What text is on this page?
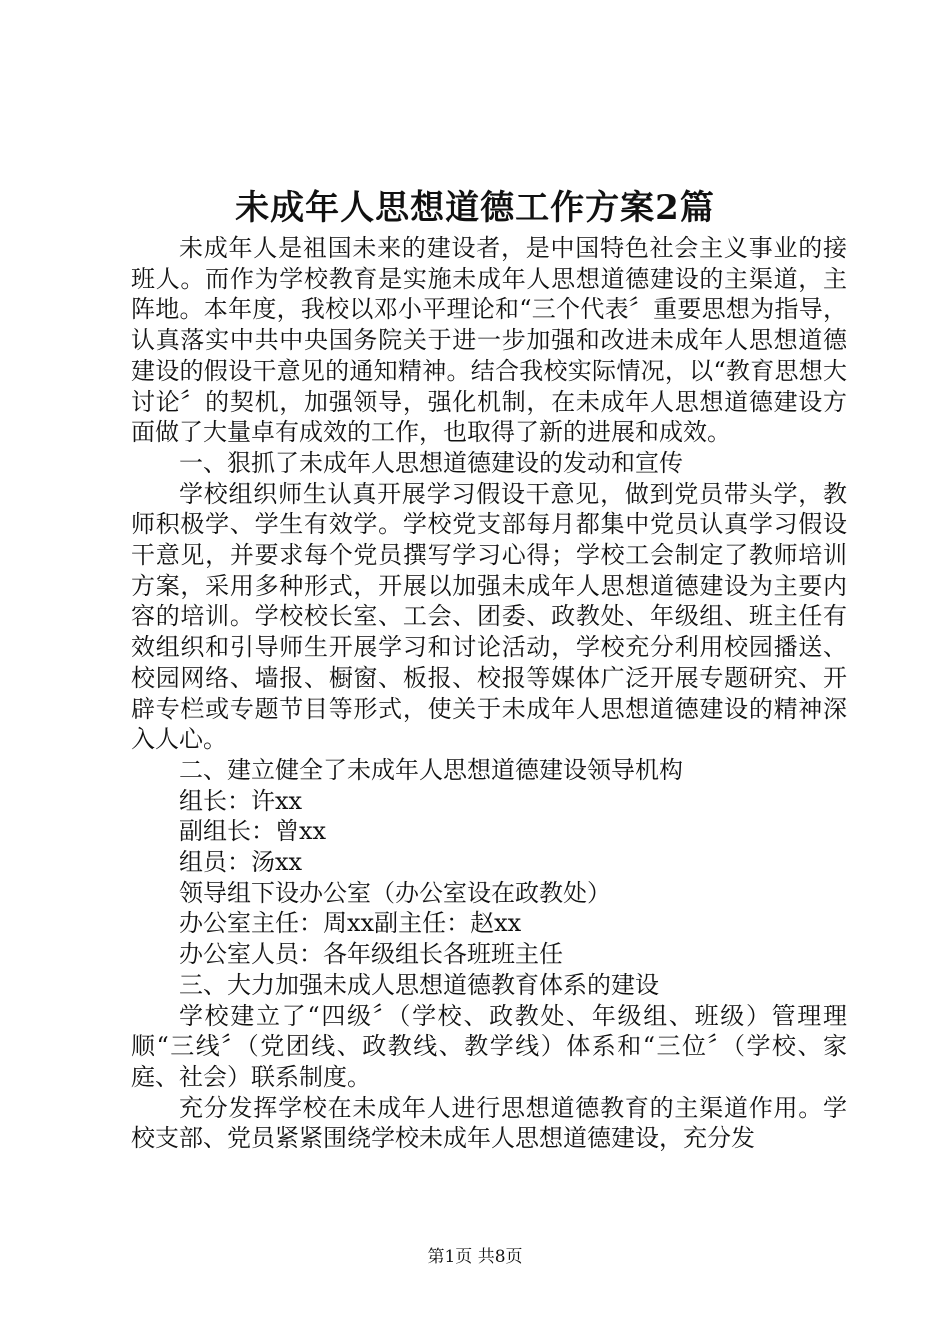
未成年人思想道德工作方案2篇

未成年人是祖国未来的建设者，是中国特色社会主义事业的接班人。而作为学校教育是实施未成年人思想道德建设的主渠道，主阵地。本年度，我校以邓小平理论和“三个代表〞重要思想为指导，认真落实中共中央国务院关于进一步加强和改进未成年人思想道德建设的假设干意见的通知精神。结合我校实际情况，以“教育思想大讨论〞的契机，加强领导，强化机制，在未成年人思想道德建设方面做了大量卓有成效的工作，也取得了新的进展和成效。

一、狠抓了未成年人思想道德建设的发动和宣传

学校组织师生认真开展学习假设干意见，做到党员带头学，教师积极学、学生有效学。学校党支部每月都集中党员认真学习假设干意见，并要求每个党员撰写学习心得；学校工会制定了教师培训方案，采用多种形式，开展以加强未成年人思想道德建设为主要内容的培训。学校校长室、工会、团委、政教处、年级组、班主任有效组织和引导师生开展学习和讨论活动，学校充分利用校园播送、校园网络、墙报、橱窗、板报、校报等媒体广泛开展专题研究、开辟专栏或专题节目等形式，使关于未成年人思想道德建设的精神深入人心。

二、建立健全了未成年人思想道德建设领导机构

组长：许xx

副组长：曾xx

组员：汤xx

领导组下设办公室（办公室设在政教处）

办公室主任：周xx副主任：赵xx

办公室人员：各年级组长各班班主任

三、大力加强未成人思想道德教育体系的建设

学校建立了“四级〞（学校、政教处、年级组、班级）管理理顺“三线〞（党团线、政教线、教学线）体系和“三位〞（学校、家庭、社会）联系制度。

充分发挥学校在未成年人进行思想道德教育的主渠道作用。学校支部、党员紧紧围绕学校未成年人思想道德建设，充分发

第1页 共8页
